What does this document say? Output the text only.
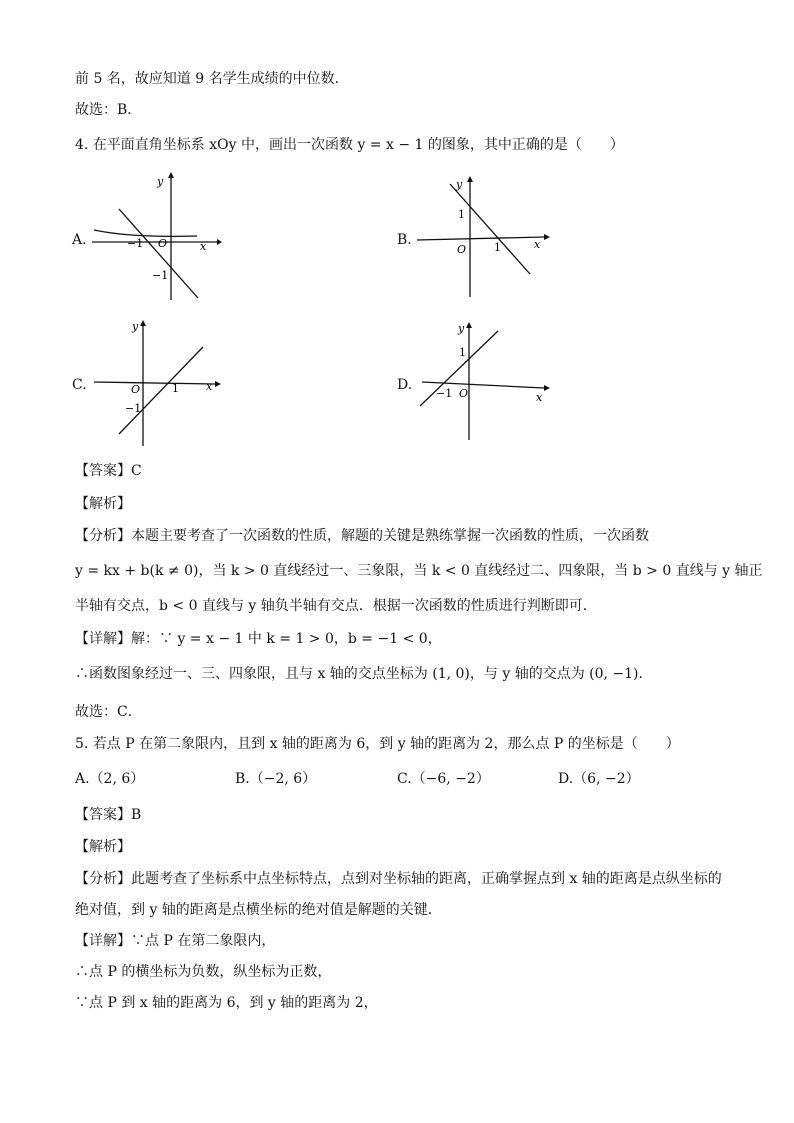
前 5 名，故应知道 9 名学生成绩的中位数．
故选：B．
4. 在平面直角坐标系 xOy 中，画出一次函数 y = x − 1 的图象，其中正确的是（　　）
A.
y
x
O
−1
−1
B.
y
x
O	1
1
C.
y
x
O	1
−1
D.
y
x
O
1
−1
【答案】C
【解析】
【分析】本题主要考查了一次函数的性质，解题的关键是熟练掌握一次函数的性质，一次函数
y = kx + b(k ≠ 0)，当 k > 0 直线经过一、三象限，当 k < 0 直线经过二、四象限，当 b > 0 直线与 y 轴正
半轴有交点，b < 0 直线与 y 轴负半轴有交点．根据一次函数的性质进行判断即可．
【详解】解：∵ y = x − 1 中 k = 1 > 0，b = −1 < 0，
∴函数图象经过一、三、四象限，且与 x 轴的交点坐标为 (1, 0)，与 y 轴的交点为 (0, −1)．
故选：C．
5. 若点 P 在第二象限内，且到 x 轴的距离为 6，到 y 轴的距离为 2，那么点 P 的坐标是（　　）
A.（2, 6）	B.（−2, 6）	C.（−6, −2）	D.（6, −2）
【答案】B
【解析】
【分析】此题考查了坐标系中点坐标特点，点到对坐标轴的距离，正确掌握点到 x 轴的距离是点纵坐标的
绝对值，到 y 轴的距离是点横坐标的绝对值是解题的关键．
【详解】∵点 P 在第二象限内，
∴点 P 的横坐标为负数，纵坐标为正数，
∵点 P 到 x 轴的距离为 6，到 y 轴的距离为 2，
